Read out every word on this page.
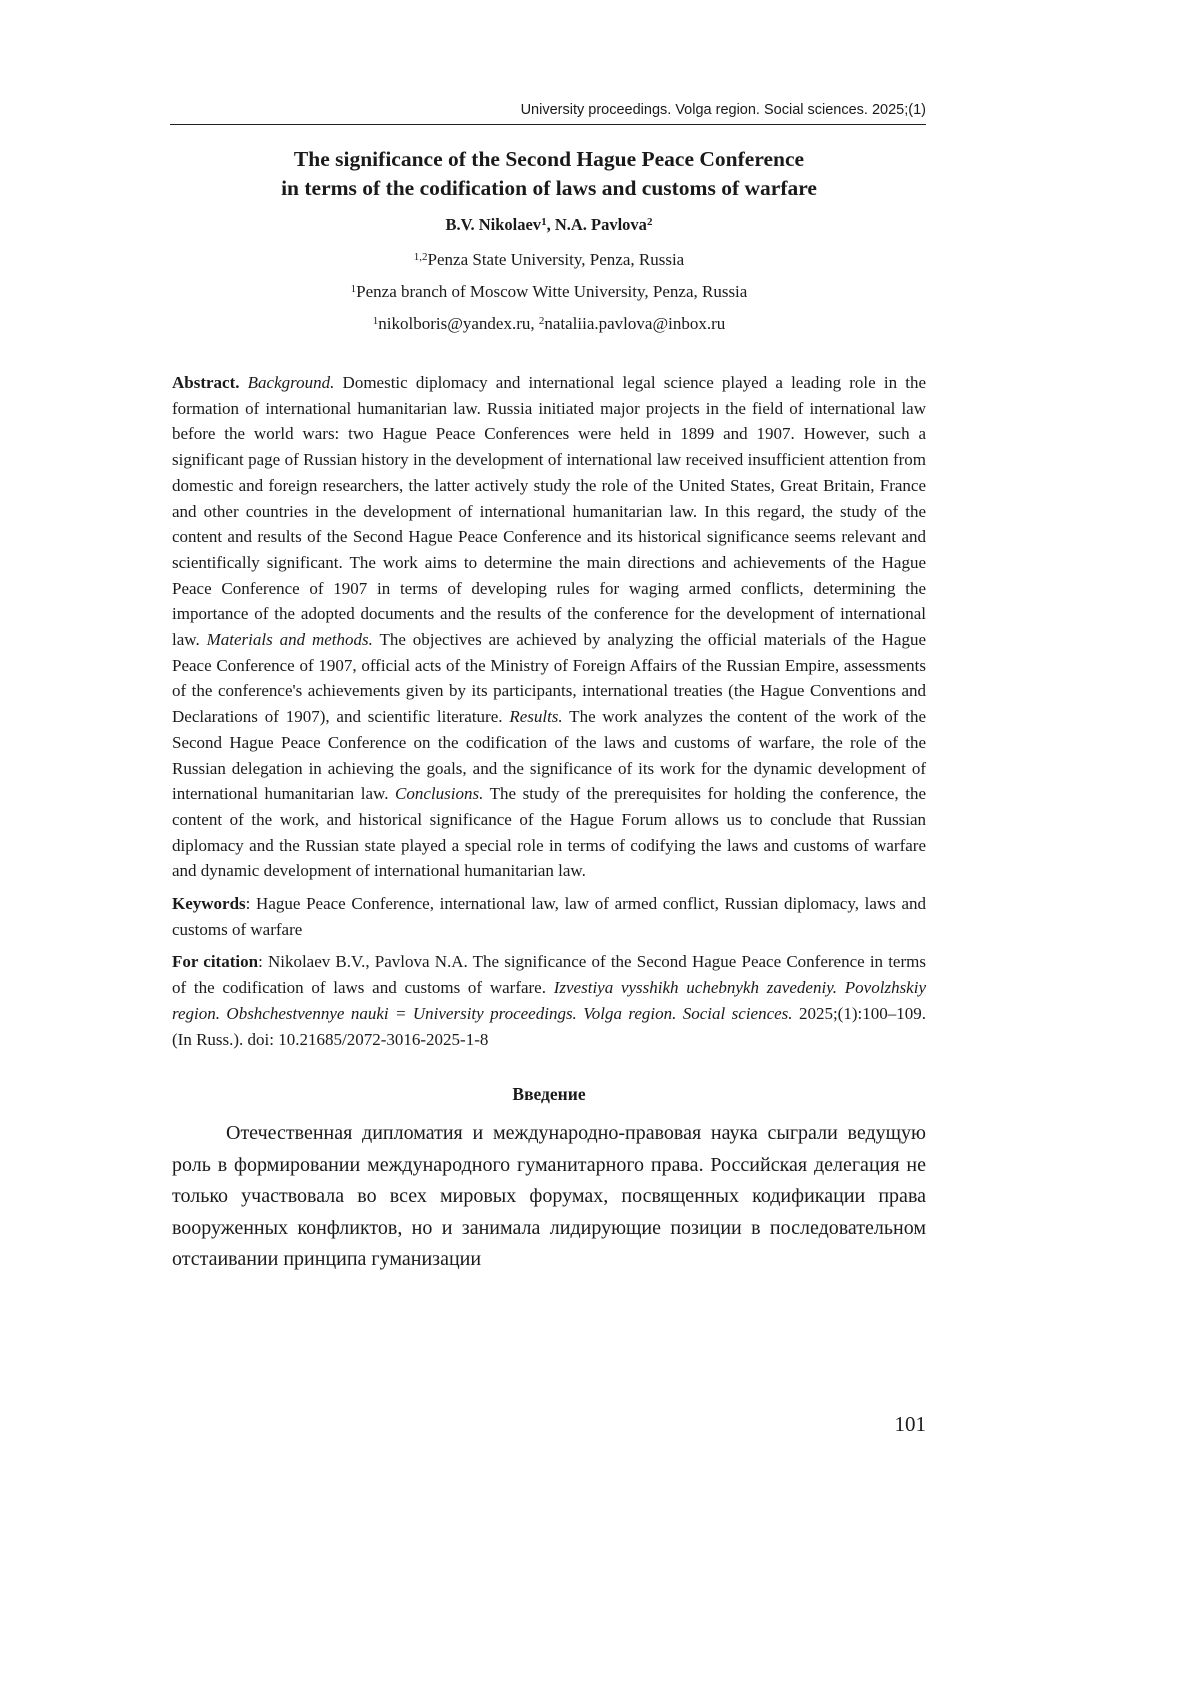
University proceedings. Volga region. Social sciences. 2025;(1)
The significance of the Second Hague Peace Conference
in terms of the codification of laws and customs of warfare
B.V. Nikolaev$^1$, N.A. Pavlova$^2$
$^{1,2}$Penza State University, Penza, Russia
$^1$Penza branch of Moscow Witte University, Penza, Russia
$^1$nikolboris@yandex.ru, $^2$nataliia.pavlova@inbox.ru
Abstract. Background. Domestic diplomacy and international legal science played a leading role in the formation of international humanitarian law. Russia initiated major projects in the field of international law before the world wars: two Hague Peace Conferences were held in 1899 and 1907. However, such a significant page of Russian history in the development of international law received insufficient attention from domestic and foreign researchers, the latter actively study the role of the United States, Great Britain, France and other countries in the development of international humanitarian law. In this regard, the study of the content and results of the Second Hague Peace Conference and its historical significance seems relevant and scientifically significant. The work aims to determine the main directions and achievements of the Hague Peace Conference of 1907 in terms of developing rules for waging armed conflicts, determining the importance of the adopted documents and the results of the conference for the development of international law. Materials and methods. The objectives are achieved by analyzing the official materials of the Hague Peace Conference of 1907, official acts of the Ministry of Foreign Affairs of the Russian Empire, assessments of the conference's achievements given by its participants, international treaties (the Hague Conventions and Declarations of 1907), and scientific literature. Results. The work analyzes the content of the work of the Second Hague Peace Conference on the codification of the laws and customs of warfare, the role of the Russian delegation in achieving the goals, and the significance of its work for the dynamic development of international humanitarian law. Conclusions. The study of the prerequisites for holding the conference, the content of the work, and historical significance of the Hague Forum allows us to conclude that Russian diplomacy and the Russian state played a special role in terms of codifying the laws and customs of warfare and dynamic development of international humanitarian law.
Keywords: Hague Peace Conference, international law, law of armed conflict, Russian diplomacy, laws and customs of warfare
For citation: Nikolaev B.V., Pavlova N.A. The significance of the Second Hague Peace Conference in terms of the codification of laws and customs of warfare. Izvestiya vysshikh uchebnykh zavedeniy. Povolzhskiy region. Obshchestvennye nauki = University proceedings. Volga region. Social sciences. 2025;(1):100–109. (In Russ.). doi: 10.21685/2072-3016-2025-1-8
Введение
Отечественная дипломатия и международно-правовая наука сыграли ведущую роль в формировании международного гуманитарного права. Российская делегация не только участвовала во всех мировых форумах, посвященных кодификации права вооруженных конфликтов, но и занимала лидирующие позиции в последовательном отстаивании принципа гуманизации
101
